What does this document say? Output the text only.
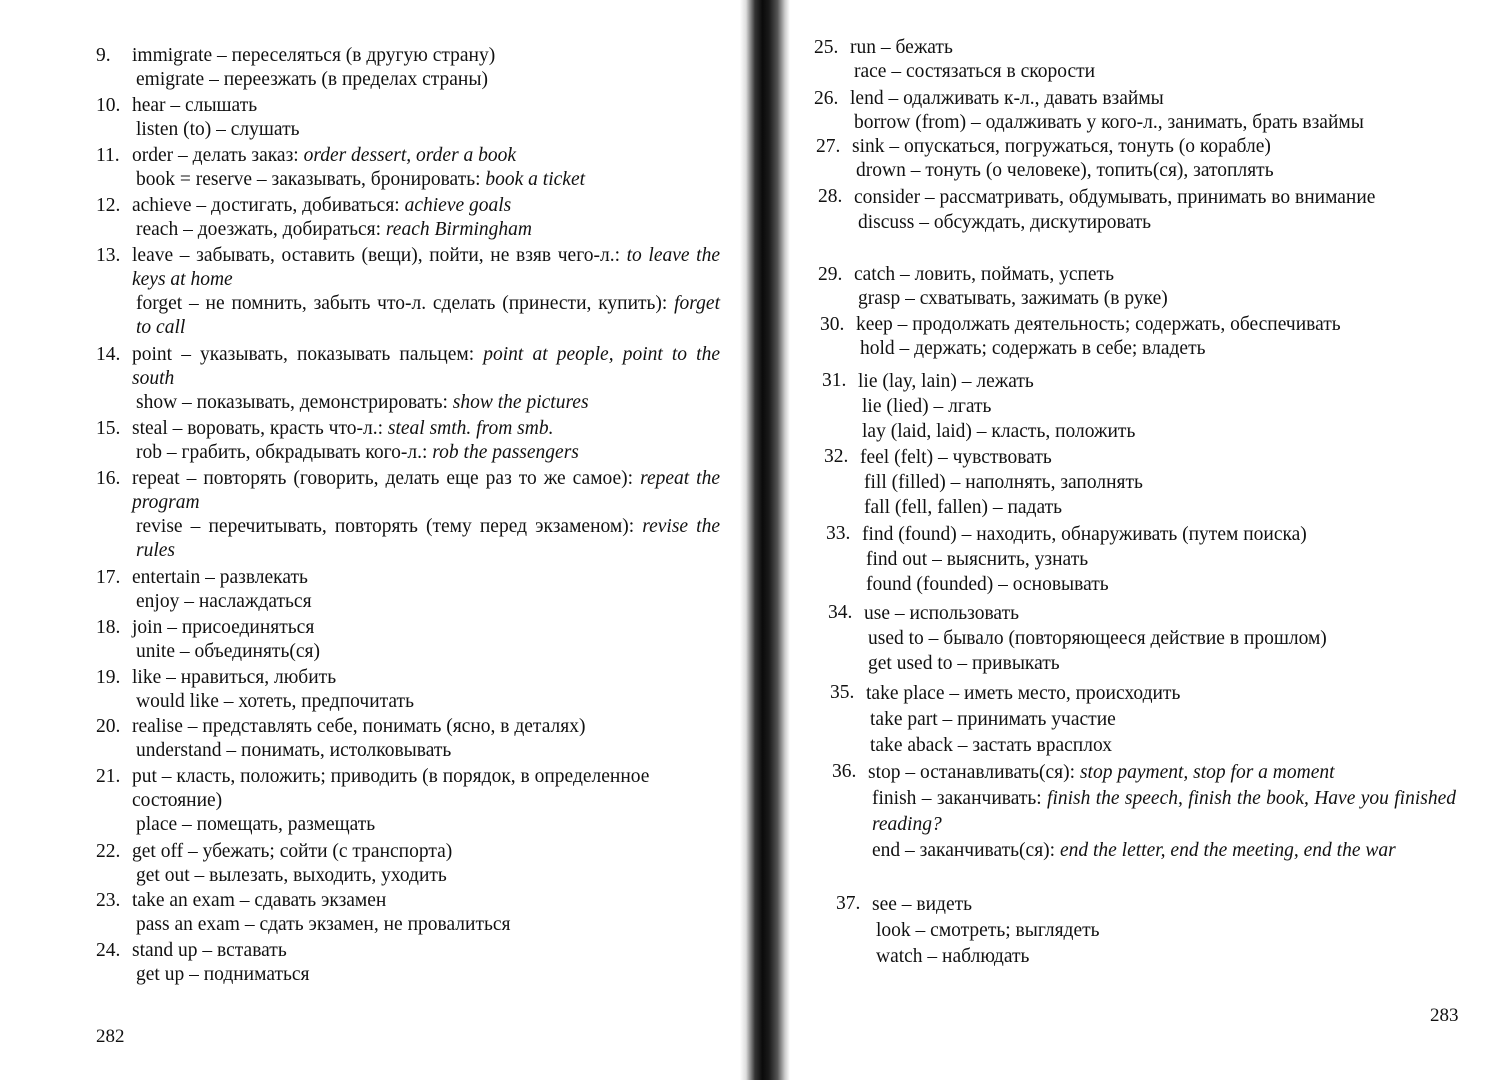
9. immigrate – переселяться (в другую страну)
emigrate – переезжать (в пределах страны)
10. hear – слышать
listen (to) – слушать
11. order – делать заказ: order dessert, order a book
book = reserve – заказывать, бронировать: book a ticket
12. achieve – достигать, добиваться: achieve goals
reach – доезжать, добираться: reach Birmingham
13. leave – забывать, оставить (вещи), пойти, не взяв чего-л.: to leave the keys at home
forget – не помнить, забыть что-л. сделать (принести, купить): forget to call
14. point – указывать, показывать пальцем: point at people, point to the south
show – показывать, демонстрировать: show the pictures
15. steal – воровать, красть что-л.: steal smth. from smb.
rob – грабить, обкрадывать кого-л.: rob the passengers
16. repeat – повторять (говорить, делать еще раз то же самое): repeat the program
revise – перечитывать, повторять (тему перед экзаменом): revise the rules
17. entertain – развлекать
enjoy – наслаждаться
18. join – присоединяться
unite – объединять(ся)
19. like – нравиться, любить
would like – хотеть, предпочитать
20. realise – представлять себе, понимать (ясно, в деталях)
understand – понимать, истолковывать
21. put – класть, положить; приводить (в порядок, в определенное состояние)
place – помещать, размещать
22. get off – убежать; сойти (с транспорта)
get out – вылезать, выходить, уходить
23. take an exam – сдавать экзамен
pass an exam – сдать экзамен, не провалиться
24. stand up – вставать
get up – подниматься
282
25. run – бежать
race – состязаться в скорости
26. lend – одалживать к-л., давать взаймы
borrow (from) – одалживать у кого-л., занимать, брать взаймы
27. sink – опускаться, погружаться, тонуть (о корабле)
drown – тонуть (о человеке), топить(ся), затоплять
28. consider – рассматривать, обдумывать, принимать во внимание
discuss – обсуждать, дискутировать
29. catch – ловить, поймать, успеть
grasp – схватывать, зажимать (в руке)
30. keep – продолжать деятельность; содержать, обеспечивать
hold – держать; содержать в себе; владеть
31. lie (lay, lain) – лежать
lie (lied) – лгать
lay (laid, laid) – класть, положить
32. feel (felt) – чувствовать
fill (filled) – наполнять, заполнять
fall (fell, fallen) – падать
33. find (found) – находить, обнаруживать (путем поиска)
find out – выяснить, узнать
found (founded) – основывать
34. use – использовать
used to – бывало (повторяющееся действие в прошлом)
get used to – привыкать
35. take place – иметь место, происходить
take part – принимать участие
take aback – застать врасплох
36. stop – останавливать(ся): stop payment, stop for a moment
finish – заканчивать: finish the speech, finish the book, Have you finished reading?
end – заканчивать(ся): end the letter, end the meeting, end the war
37. see – видеть
look – смотреть; выглядеть
watch – наблюдать
283
